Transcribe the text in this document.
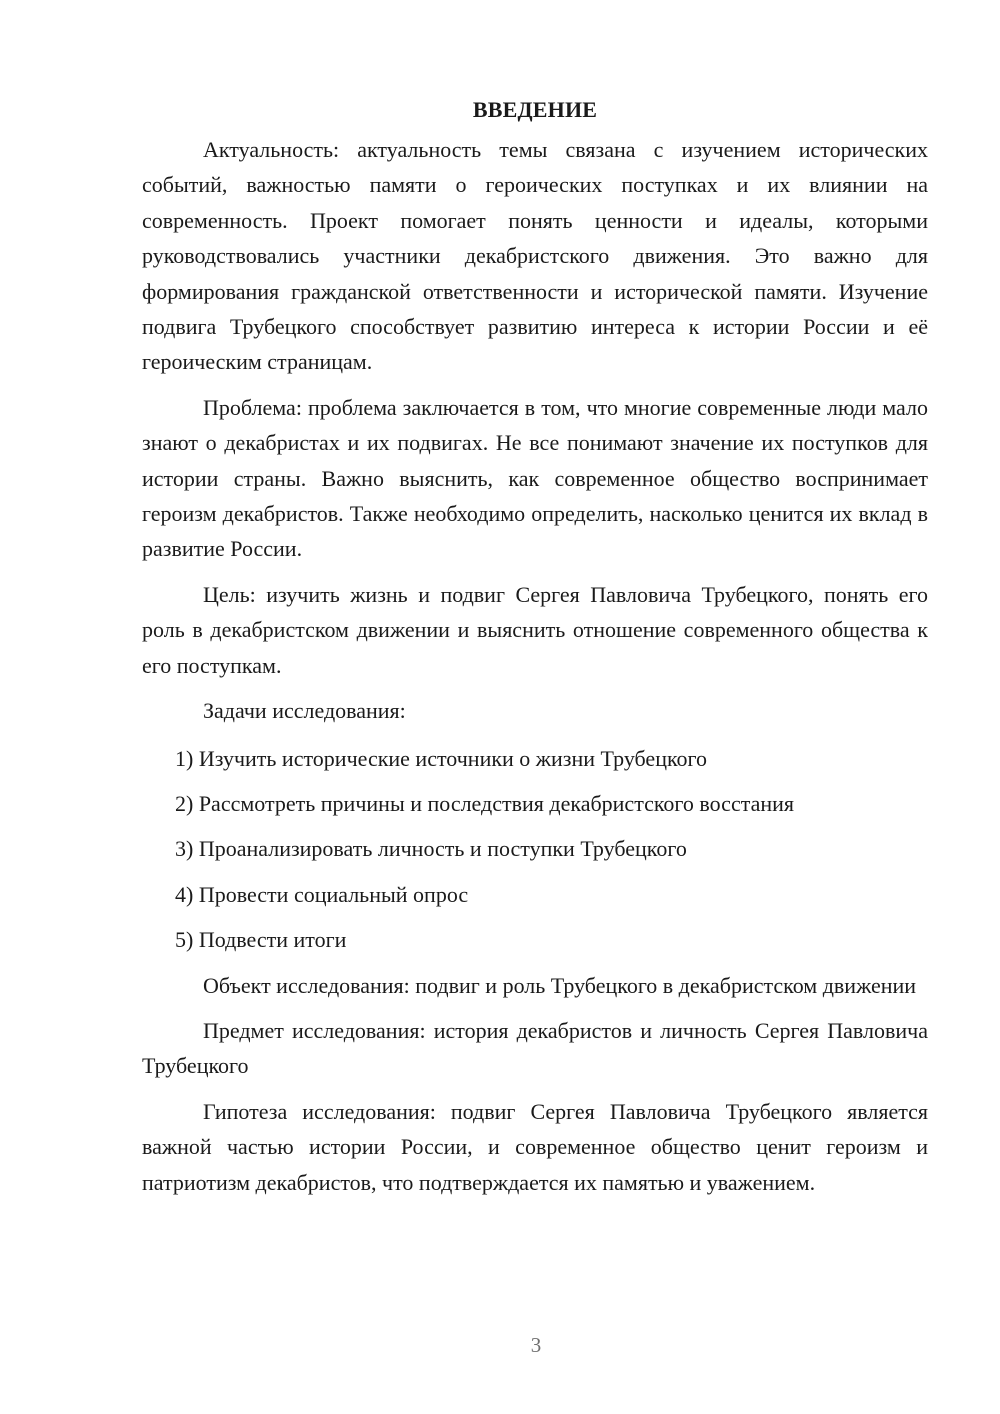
ВВЕДЕНИЕ

Актуальность: актуальность темы связана с изучением исторических событий, важностью памяти о героических поступках и их влиянии на современность. Проект помогает понять ценности и идеалы, которыми руководствовались участники декабристского движения. Это важно для формирования гражданской ответственности и исторической памяти. Изучение подвига Трубецкого способствует развитию интереса к истории России и её героическим страницам.

Проблема: проблема заключается в том, что многие современные люди мало знают о декабристах и их подвигах. Не все понимают значение их поступков для истории страны. Важно выяснить, как современное общество воспринимает героизм декабристов. Также необходимо определить, насколько ценится их вклад в развитие России.

Цель: изучить жизнь и подвиг Сергея Павловича Трубецкого, понять его роль в декабристском движении и выяснить отношение современного общества к его поступкам.

Задачи исследования:

1) Изучить исторические источники о жизни Трубецкого
2) Рассмотреть причины и последствия декабристского восстания
3) Проанализировать личность и поступки Трубецкого
4) Провести социальный опрос
5) Подвести итоги

Объект исследования: подвиг и роль Трубецкого в декабристском движении

Предмет исследования: история декабристов и личность Сергея Павловича Трубецкого

Гипотеза исследования: подвиг Сергея Павловича Трубецкого является важной частью истории России, и современное общество ценит героизм и патриотизм декабристов, что подтверждается их памятью и уважением.

3
